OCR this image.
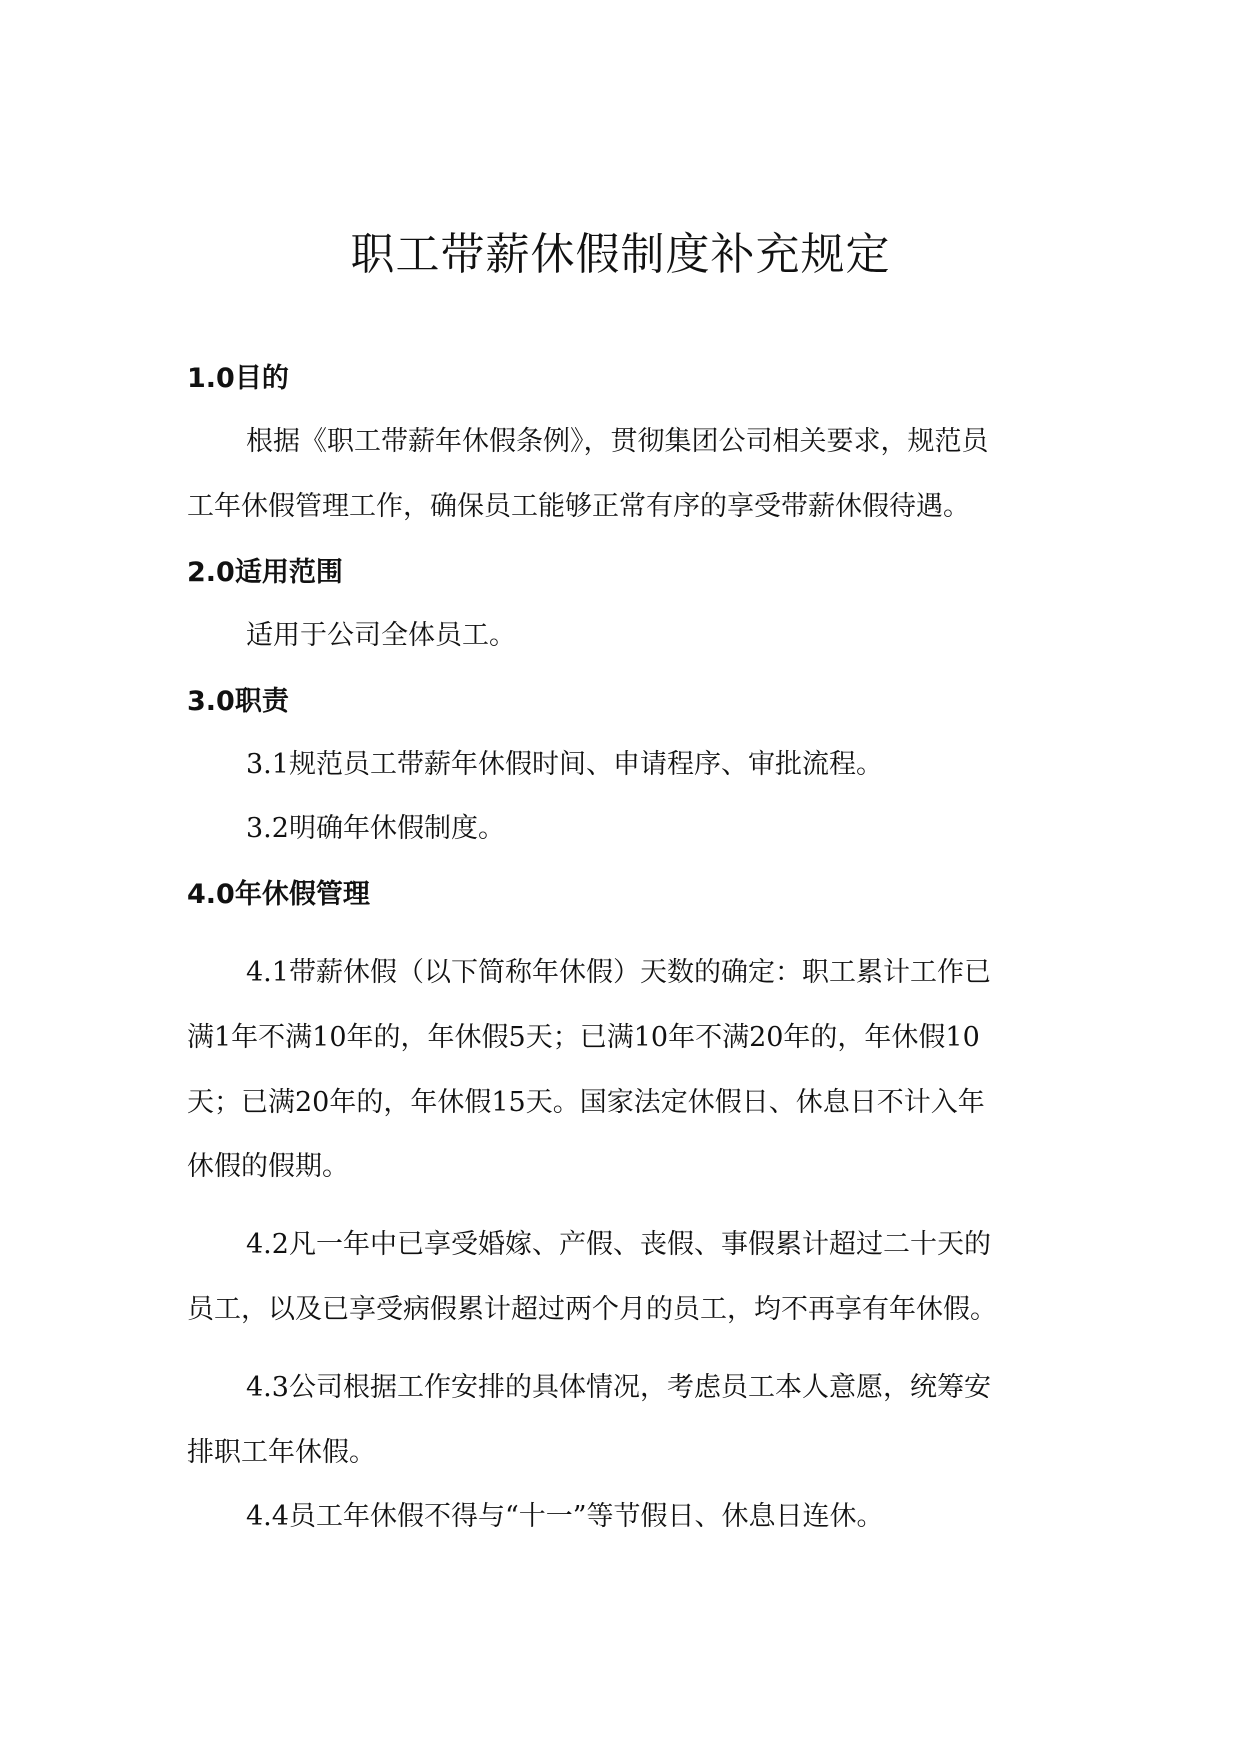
职工带薪休假制度补充规定

1.0目的

根据《职工带薪年休假条例》，贯彻集团公司相关要求，规范员

工年休假管理工作，确保员工能够正常有序的享受带薪休假待遇。

2.0适用范围

适用于公司全体员工。

3.0职责

3.1规范员工带薪年休假时间、申请程序、审批流程。

3.2明确年休假制度。

4.0年休假管理

4.1带薪休假（以下简称年休假）天数的确定：职工累计工作已

满1年不满10年的，年休假5天；已满10年不满20年的，年休假10

天；已满20年的，年休假15天。国家法定休假日、休息日不计入年

休假的假期。

4.2凡一年中已享受婚嫁、产假、丧假、事假累计超过二十天的

员工，以及已享受病假累计超过两个月的员工，均不再享有年休假。

4.3公司根据工作安排的具体情况，考虑员工本人意愿，统筹安

排职工年休假。

4.4员工年休假不得与“十一”等节假日、休息日连休。
